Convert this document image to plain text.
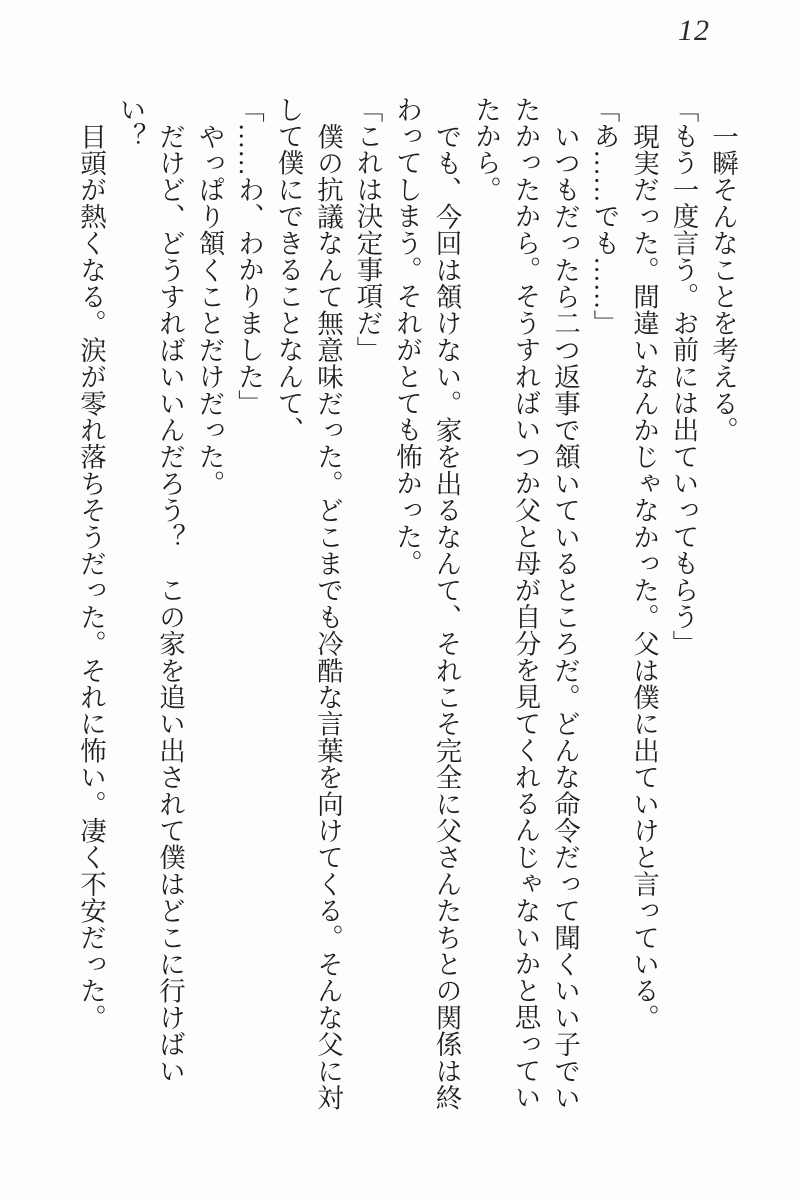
12

一瞬そんなことを考える。

「もう一度言う。お前には出ていってもらう」

現実だった。間違いなんかじゃなかった。父は僕に出ていけと言っている。

「あ……でも……」

いつもだったら二つ返事で頷いているところだ。どんな命令だって聞くいい子でいたかったから。そうすればいつか父と母が自分を見てくれるんじゃないかと思っていたから。

でも、今回は頷けない。家を出るなんて、それこそ完全に父さんたちとの関係は終わってしまう。それがとても怖かった。

「これは決定事項だ」

僕の抗議なんて無意味だった。どこまでも冷酷な言葉を向けてくる。そんな父に対して僕にできることなんて、

「……わ、わかりました」

やっぱり頷くことだけだった。

だけど、どうすればいいんだろう？　この家を追い出されて僕はどこに行けばいい？

目頭が熱くなる。涙が零れ落ちそうだった。それに怖い。凄く不安だった。
